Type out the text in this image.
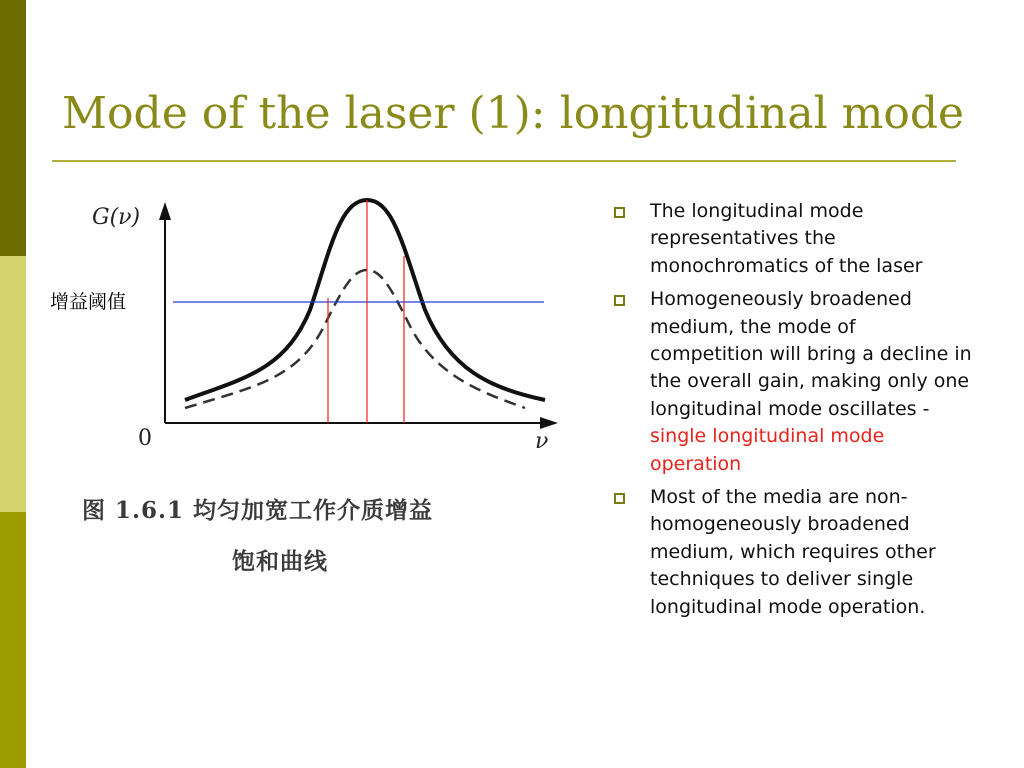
Mode of the laser (1): longitudinal mode
G(ν)
ν
0
增益阈值
图 1.6.1 均匀加宽工作介质增益
饱和曲线
The longitudinal mode representatives the monochromatics of the laser
Homogeneously broadened medium, the mode of competition will bring a decline in the overall gain, making only one longitudinal mode oscillates - single longitudinal mode operation
Most of the media are non-homogeneously broadened medium, which requires other techniques to deliver single longitudinal mode operation.
